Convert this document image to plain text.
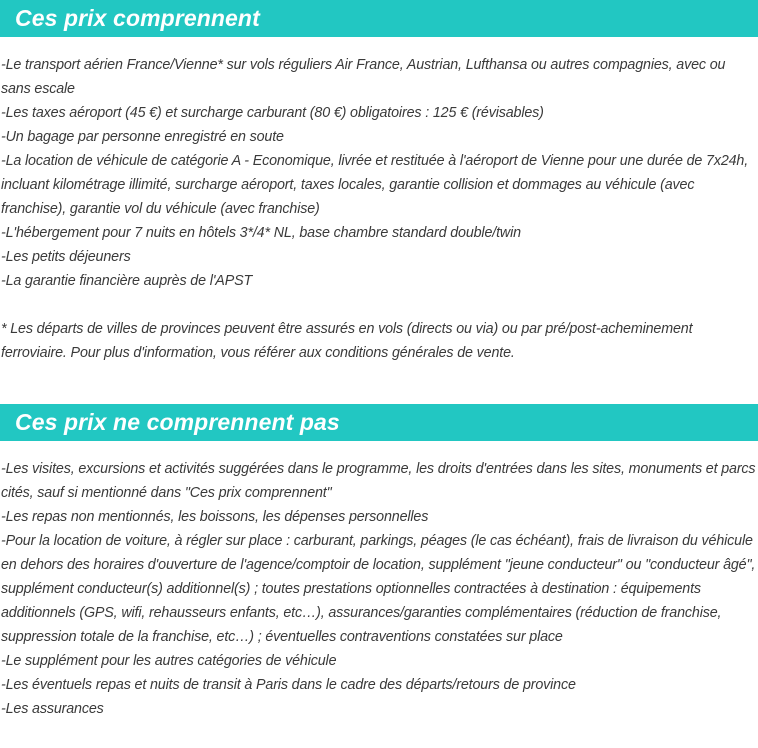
Ces prix comprennent
-Le transport aérien France/Vienne* sur vols réguliers Air France, Austrian, Lufthansa ou autres compagnies, avec ou sans escale
-Les taxes aéroport (45 €) et surcharge carburant (80 €) obligatoires : 125 € (révisables)
-Un bagage par personne enregistré en soute
-La location de véhicule de catégorie A - Economique, livrée et restituée à l'aéroport de Vienne pour une durée de 7x24h, incluant kilométrage illimité, surcharge aéroport, taxes locales, garantie collision et dommages au véhicule (avec franchise), garantie vol du véhicule (avec franchise)
-L'hébergement pour 7 nuits en hôtels 3*/4* NL, base chambre standard double/twin
-Les petits déjeuners
-La garantie financière auprès de l'APST
* Les départs de villes de provinces peuvent être assurés en vols (directs ou via) ou par pré/post-acheminement ferroviaire. Pour plus d'information, vous référer aux conditions générales de vente.
Ces prix ne comprennent pas
-Les visites, excursions et activités suggérées dans le programme, les droits d'entrées dans les sites, monuments et parcs cités, sauf si mentionné dans "Ces prix comprennent"
-Les repas non mentionnés, les boissons, les dépenses personnelles
-Pour la location de voiture, à régler sur place : carburant, parkings, péages (le cas échéant), frais de livraison du véhicule en dehors des horaires d'ouverture de l'agence/comptoir de location, supplément "jeune conducteur" ou "conducteur âgé", supplément conducteur(s) additionnel(s) ; toutes prestations optionnelles contractées à destination : équipements additionnels (GPS, wifi, rehausseurs enfants, etc…), assurances/garanties complémentaires (réduction de franchise, suppression totale de la franchise, etc…) ; éventuelles contraventions constatées sur place
-Le supplément pour les autres catégories de véhicule
-Les éventuels repas et nuits de transit à Paris dans le cadre des départs/retours de province
-Les assurances
